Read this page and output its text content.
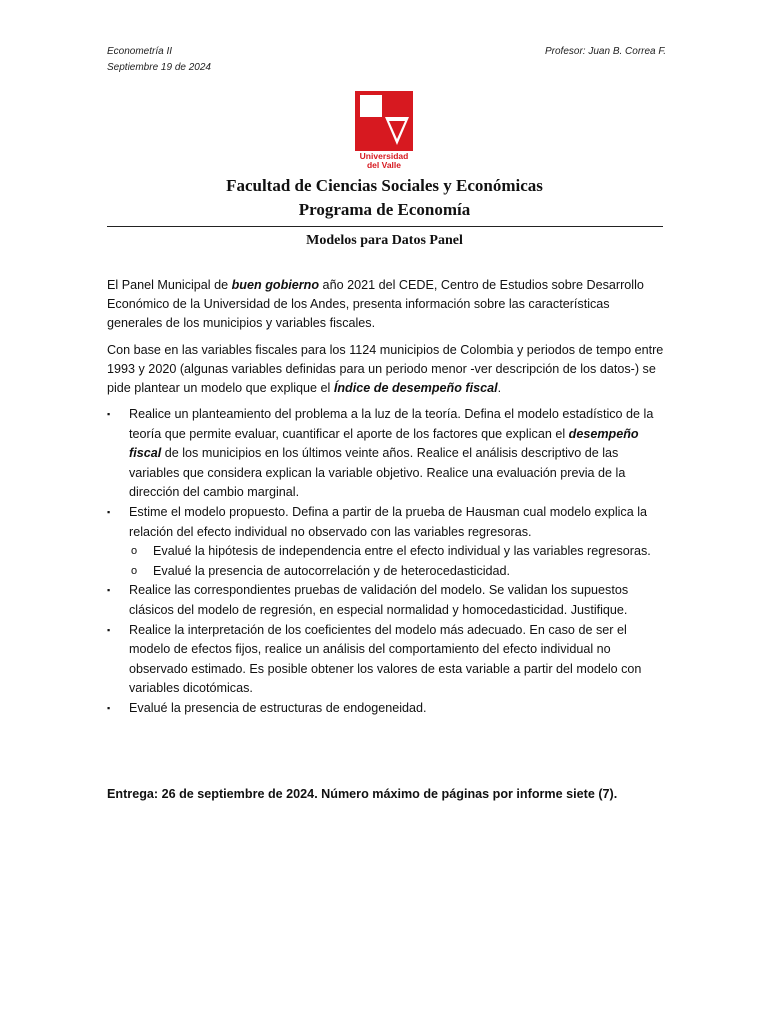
Econometría II
Septiembre 19 de 2024
Profesor: Juan B. Correa F.
Universidad
del Valle
Facultad de Ciencias Sociales y Económicas
Programa de Economía
Modelos para Datos Panel
El Panel Municipal de buen gobierno año 2021 del CEDE, Centro de Estudios sobre Desarrollo Económico de la Universidad de los Andes, presenta información sobre las características generales de los municipios y variables fiscales.
Con base en las variables fiscales para los 1124 municipios de Colombia y periodos de tempo entre 1993 y 2020 (algunas variables definidas para un periodo menor -ver descripción de los datos-) se pide plantear un modelo que explique el Índice de desempeño fiscal.
▪ Realice un planteamiento del problema a la luz de la teoría. Defina el modelo estadístico de la teoría que permite evaluar, cuantificar el aporte de los factores que explican el desempeño fiscal de los municipios en los últimos veinte años. Realice el análisis descriptivo de las variables que considera explican la variable objetivo. Realice una evaluación previa de la dirección del cambio marginal.
▪ Estime el modelo propuesto. Defina a partir de la prueba de Hausman cual modelo explica la relación del efecto individual no observado con las variables regresoras.
o Evalué la hipótesis de independencia entre el efecto individual y las variables regresoras.
o Evalué la presencia de autocorrelación y de heterocedasticidad.
▪ Realice las correspondientes pruebas de validación del modelo. Se validan los supuestos clásicos del modelo de regresión, en especial normalidad y homocedasticidad. Justifique.
▪ Realice la interpretación de los coeficientes del modelo más adecuado. En caso de ser el modelo de efectos fijos, realice un análisis del comportamiento del efecto individual no observado estimado. Es posible obtener los valores de esta variable a partir del modelo con variables dicotómicas.
▪ Evalué la presencia de estructuras de endogeneidad.
Entrega: 26 de septiembre de 2024. Número máximo de páginas por informe siete (7).
